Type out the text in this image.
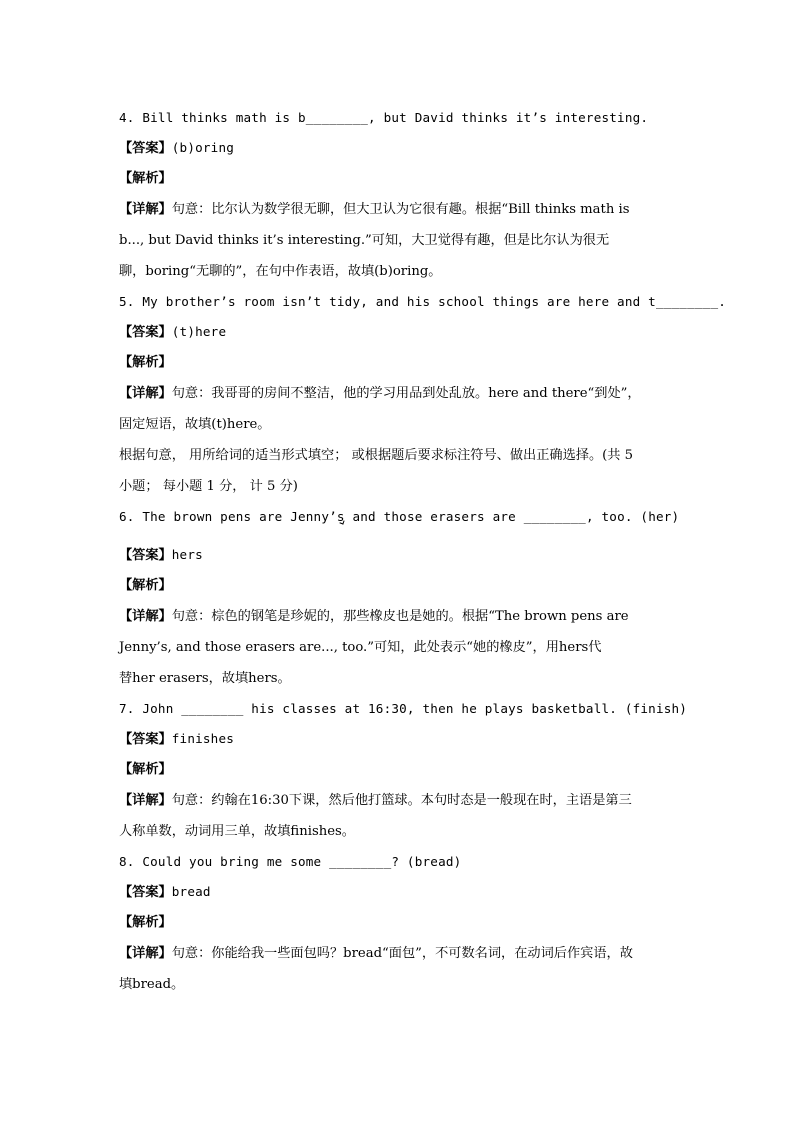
4. Bill thinks math is b________, but David thinks it’s interesting.
【答案】(b)oring
【解析】
【详解】句意：比尔认为数学很无聊，但大卫认为它很有趣。根据“Bill thinks math is
b..., but David thinks it’s interesting.”可知，大卫觉得有趣，但是比尔认为很无
聊，boring“无聊的”，在句中作表语，故填(b)oring。
5. My brother’s room isn’t tidy, and his school things are here and t________.
【答案】(t)here
【解析】
【详解】句意：我哥哥的房间不整洁，他的学习用品到处乱放。here and there“到处”，
固定短语，故填(t)here。
根据句意， 用所给词的适当形式填空； 或根据题后要求标注符号、做出正确选择。(共 5
小题； 每小题 1 分， 计 5 分)
6. The brown pens are Jenny’s and those erasers are ________, too. (her)
【答案】hers
【解析】
【详解】句意：棕色的钢笔是珍妮的，那些橡皮也是她的。根据“The brown pens are
Jenny’s, and those erasers are..., too.”可知，此处表示“她的橡皮”，用hers代
替her erasers，故填hers。
7. John ________ his classes at 16:30, then he plays basketball. (finish)
【答案】finishes
【解析】
【详解】句意：约翰在16:30下课，然后他打篮球。本句时态是一般现在时，主语是第三
人称单数，动词用三单，故填finishes。
8. Could you bring me some ________? (bread)
【答案】bread
【解析】
【详解】句意：你能给我一些面包吗？bread“面包”，不可数名词，在动词后作宾语，故
填bread。
